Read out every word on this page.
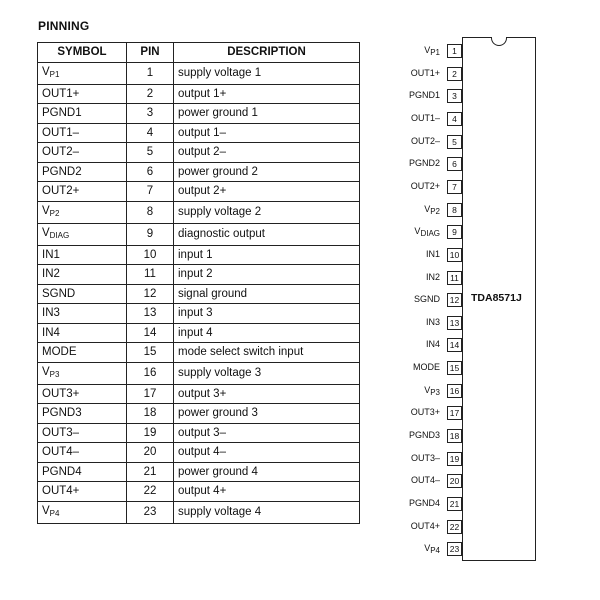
PINNING
SYMBOL	PIN	DESCRIPTION
$V_{P1}$	1	supply voltage 1
OUT1+	2	output 1+
PGND1	3	power ground 1
OUT1–	4	output 1–
OUT2–	5	output 2–
PGND2	6	power ground 2
OUT2+	7	output 2+
$V_{P2}$	8	supply voltage 2
$V_{DIAG}$	9	diagnostic output
IN1	10	input 1
IN2	11	input 2
SGND	12	signal ground
IN3	13	input 3
IN4	14	input 4
MODE	15	mode select switch input
$V_{P3}$	16	supply voltage 3
OUT3+	17	output 3+
PGND3	18	power ground 3
OUT3–	19	output 3–
OUT4–	20	output 4–
PGND4	21	power ground 4
OUT4+	22	output 4+
$V_{P4}$	23	supply voltage 4
TDA8571J
$V_{P1}$	1
OUT1+	2
PGND1	3
OUT1–	4
OUT2–	5
PGND2	6
OUT2+	7
$V_{P2}$	8
$V_{DIAG}$	9
IN1	10
IN2	11
SGND	12
IN3	13
IN4	14
MODE	15
$V_{P3}$	16
OUT3+	17
PGND3	18
OUT3–	19
OUT4–	20
PGND4	21
OUT4+	22
$V_{P4}$	23
